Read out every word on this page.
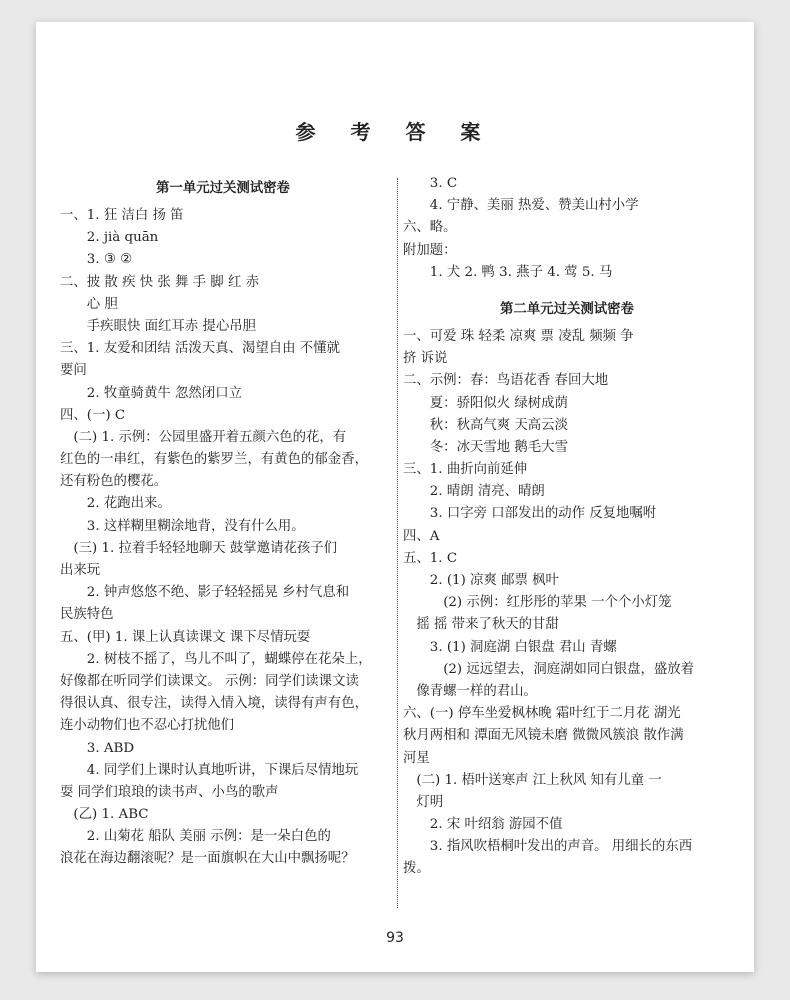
参 考 答 案
第一单元过关测试密卷
一、1. 狂 洁白 扬 笛
2. jià quān
3. ③ ②
二、披 散 疾 快 张 舞 手 脚 红 赤
心 胆
手疾眼快 面红耳赤 提心吊胆
三、1. 友爱和团结 活泼天真、渴望自由 不懂就
要问
2. 牧童骑黄牛 忽然闭口立
四、(一) C
(二) 1. 示例：公园里盛开着五颜六色的花，有
红色的一串红，有紫色的紫罗兰，有黄色的郁金香，
还有粉色的樱花。
2. 花跑出来。
3. 这样糊里糊涂地背，没有什么用。
(三) 1. 拉着手轻轻地聊天 鼓掌邀请花孩子们
出来玩
2. 钟声悠悠不绝、影子轻轻摇晃 乡村气息和
民族特色
五、(甲) 1. 课上认真读课文 课下尽情玩耍
2. 树枝不摇了，鸟儿不叫了，蝴蝶停在花朵上，
好像都在听同学们读课文。 示例：同学们读课文读
得很认真、很专注，读得入情入境，读得有声有色，
连小动物们也不忍心打扰他们
3. ABD
4. 同学们上课时认真地听讲，下课后尽情地玩
耍 同学们琅琅的读书声、小鸟的歌声
(乙) 1. ABC
2. 山菊花 船队 美丽 示例：是一朵白色的
浪花在海边翻滚呢？是一面旗帜在大山中飘扬呢？
3. C
4. 宁静、美丽 热爱、赞美山村小学
六、略。
附加题：
1. 犬 2. 鸭 3. 燕子 4. 莺 5. 马
第二单元过关测试密卷
一、可爱 珠 轻柔 凉爽 票 凌乱 频频 争
挤 诉说
二、示例：春：鸟语花香 春回大地
夏：骄阳似火 绿树成荫
秋：秋高气爽 天高云淡
冬：冰天雪地 鹅毛大雪
三、1. 曲折向前延伸
2. 晴朗 清亮、晴朗
3. 口字旁 口部发出的动作 反复地嘱咐
四、A
五、1. C
2. (1) 凉爽 邮票 枫叶
(2) 示例：红彤彤的苹果 一个个小灯笼
摇 摇 带来了秋天的甘甜
3. (1) 洞庭湖 白银盘 君山 青螺
(2) 远远望去，洞庭湖如同白银盘，盛放着
像青螺一样的君山。
六、(一) 停车坐爱枫林晚 霜叶红于二月花 湖光
秋月两相和 潭面无风镜未磨 微微风簇浪 散作满
河星
(二) 1. 梧叶送寒声 江上秋风 知有儿童 一
灯明
2. 宋 叶绍翁 游园不值
3. 指风吹梧桐叶发出的声音。 用细长的东西
拨。
93
